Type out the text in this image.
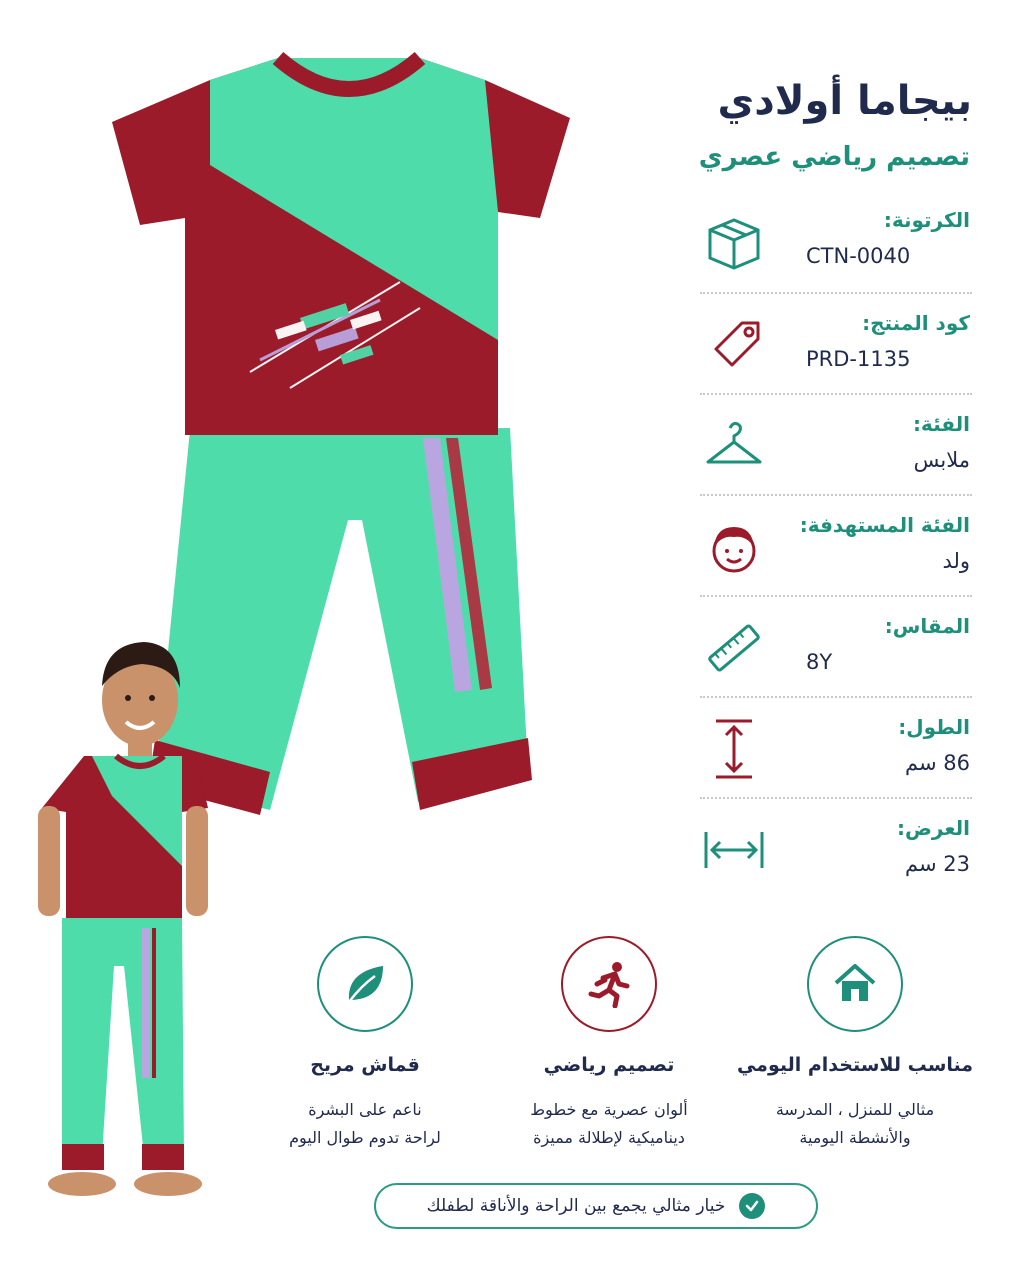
بيجاما أولادي
تصميم رياضي عصري
الكرتونة:
CTN-0040
كود المنتج:
PRD-1135
الفئة:
ملابس
الفئة المستهدفة:
ولد
المقاس:
8Y
الطول:
86 سم
العرض:
23 سم
مناسب للاستخدام اليومي
مثالي للمنزل ، المدرسة
والأنشطة اليومية
تصميم رياضي
ألوان عصرية مع خطوط
ديناميكية لإطلالة مميزة
قماش مريح
ناعم على البشرة
لراحة تدوم طوال اليوم
خيار مثالي يجمع بين الراحة والأناقة لطفلك
